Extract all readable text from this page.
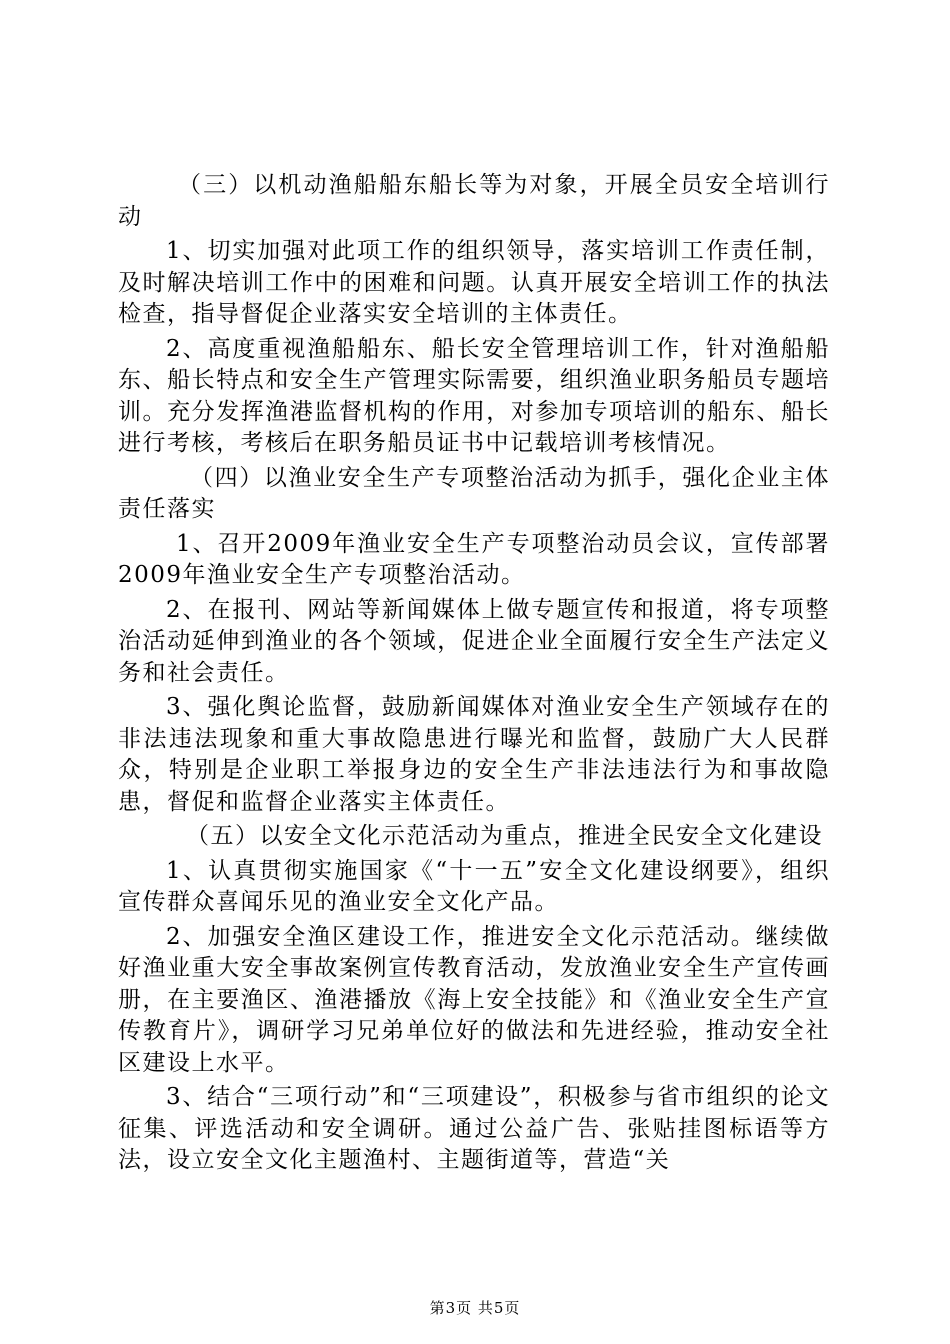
（三）以机动渔船船东船长等为对象，开展全员安全培训行动

1、切实加强对此项工作的组织领导，落实培训工作责任制，及时解决培训工作中的困难和问题。认真开展安全培训工作的执法检查，指导督促企业落实安全培训的主体责任。

2、高度重视渔船船东、船长安全管理培训工作，针对渔船船东、船长特点和安全生产管理实际需要，组织渔业职务船员专题培训。充分发挥渔港监督机构的作用，对参加专项培训的船东、船长进行考核，考核后在职务船员证书中记载培训考核情况。

（四）以渔业安全生产专项整治活动为抓手，强化企业主体责任落实

1、召开2009年渔业安全生产专项整治动员会议，宣传部署2009年渔业安全生产专项整治活动。

2、在报刊、网站等新闻媒体上做专题宣传和报道，将专项整治活动延伸到渔业的各个领域，促进企业全面履行安全生产法定义务和社会责任。

3、强化舆论监督，鼓励新闻媒体对渔业安全生产领域存在的非法违法现象和重大事故隐患进行曝光和监督，鼓励广大人民群众，特别是企业职工举报身边的安全生产非法违法行为和事故隐患，督促和监督企业落实主体责任。

（五）以安全文化示范活动为重点，推进全民安全文化建设

1、认真贯彻实施国家《“十一五”安全文化建设纲要》，组织宣传群众喜闻乐见的渔业安全文化产品。

2、加强安全渔区建设工作，推进安全文化示范活动。继续做好渔业重大安全事故案例宣传教育活动，发放渔业安全生产宣传画册，在主要渔区、渔港播放《海上安全技能》和《渔业安全生产宣传教育片》，调研学习兄弟单位好的做法和先进经验，推动安全社区建设上水平。

3、结合“三项行动”和“三项建设”，积极参与省市组织的论文征集、评选活动和安全调研。通过公益广告、张贴挂图标语等方法，设立安全文化主题渔村、主题街道等，营造“关

第3页 共5页
